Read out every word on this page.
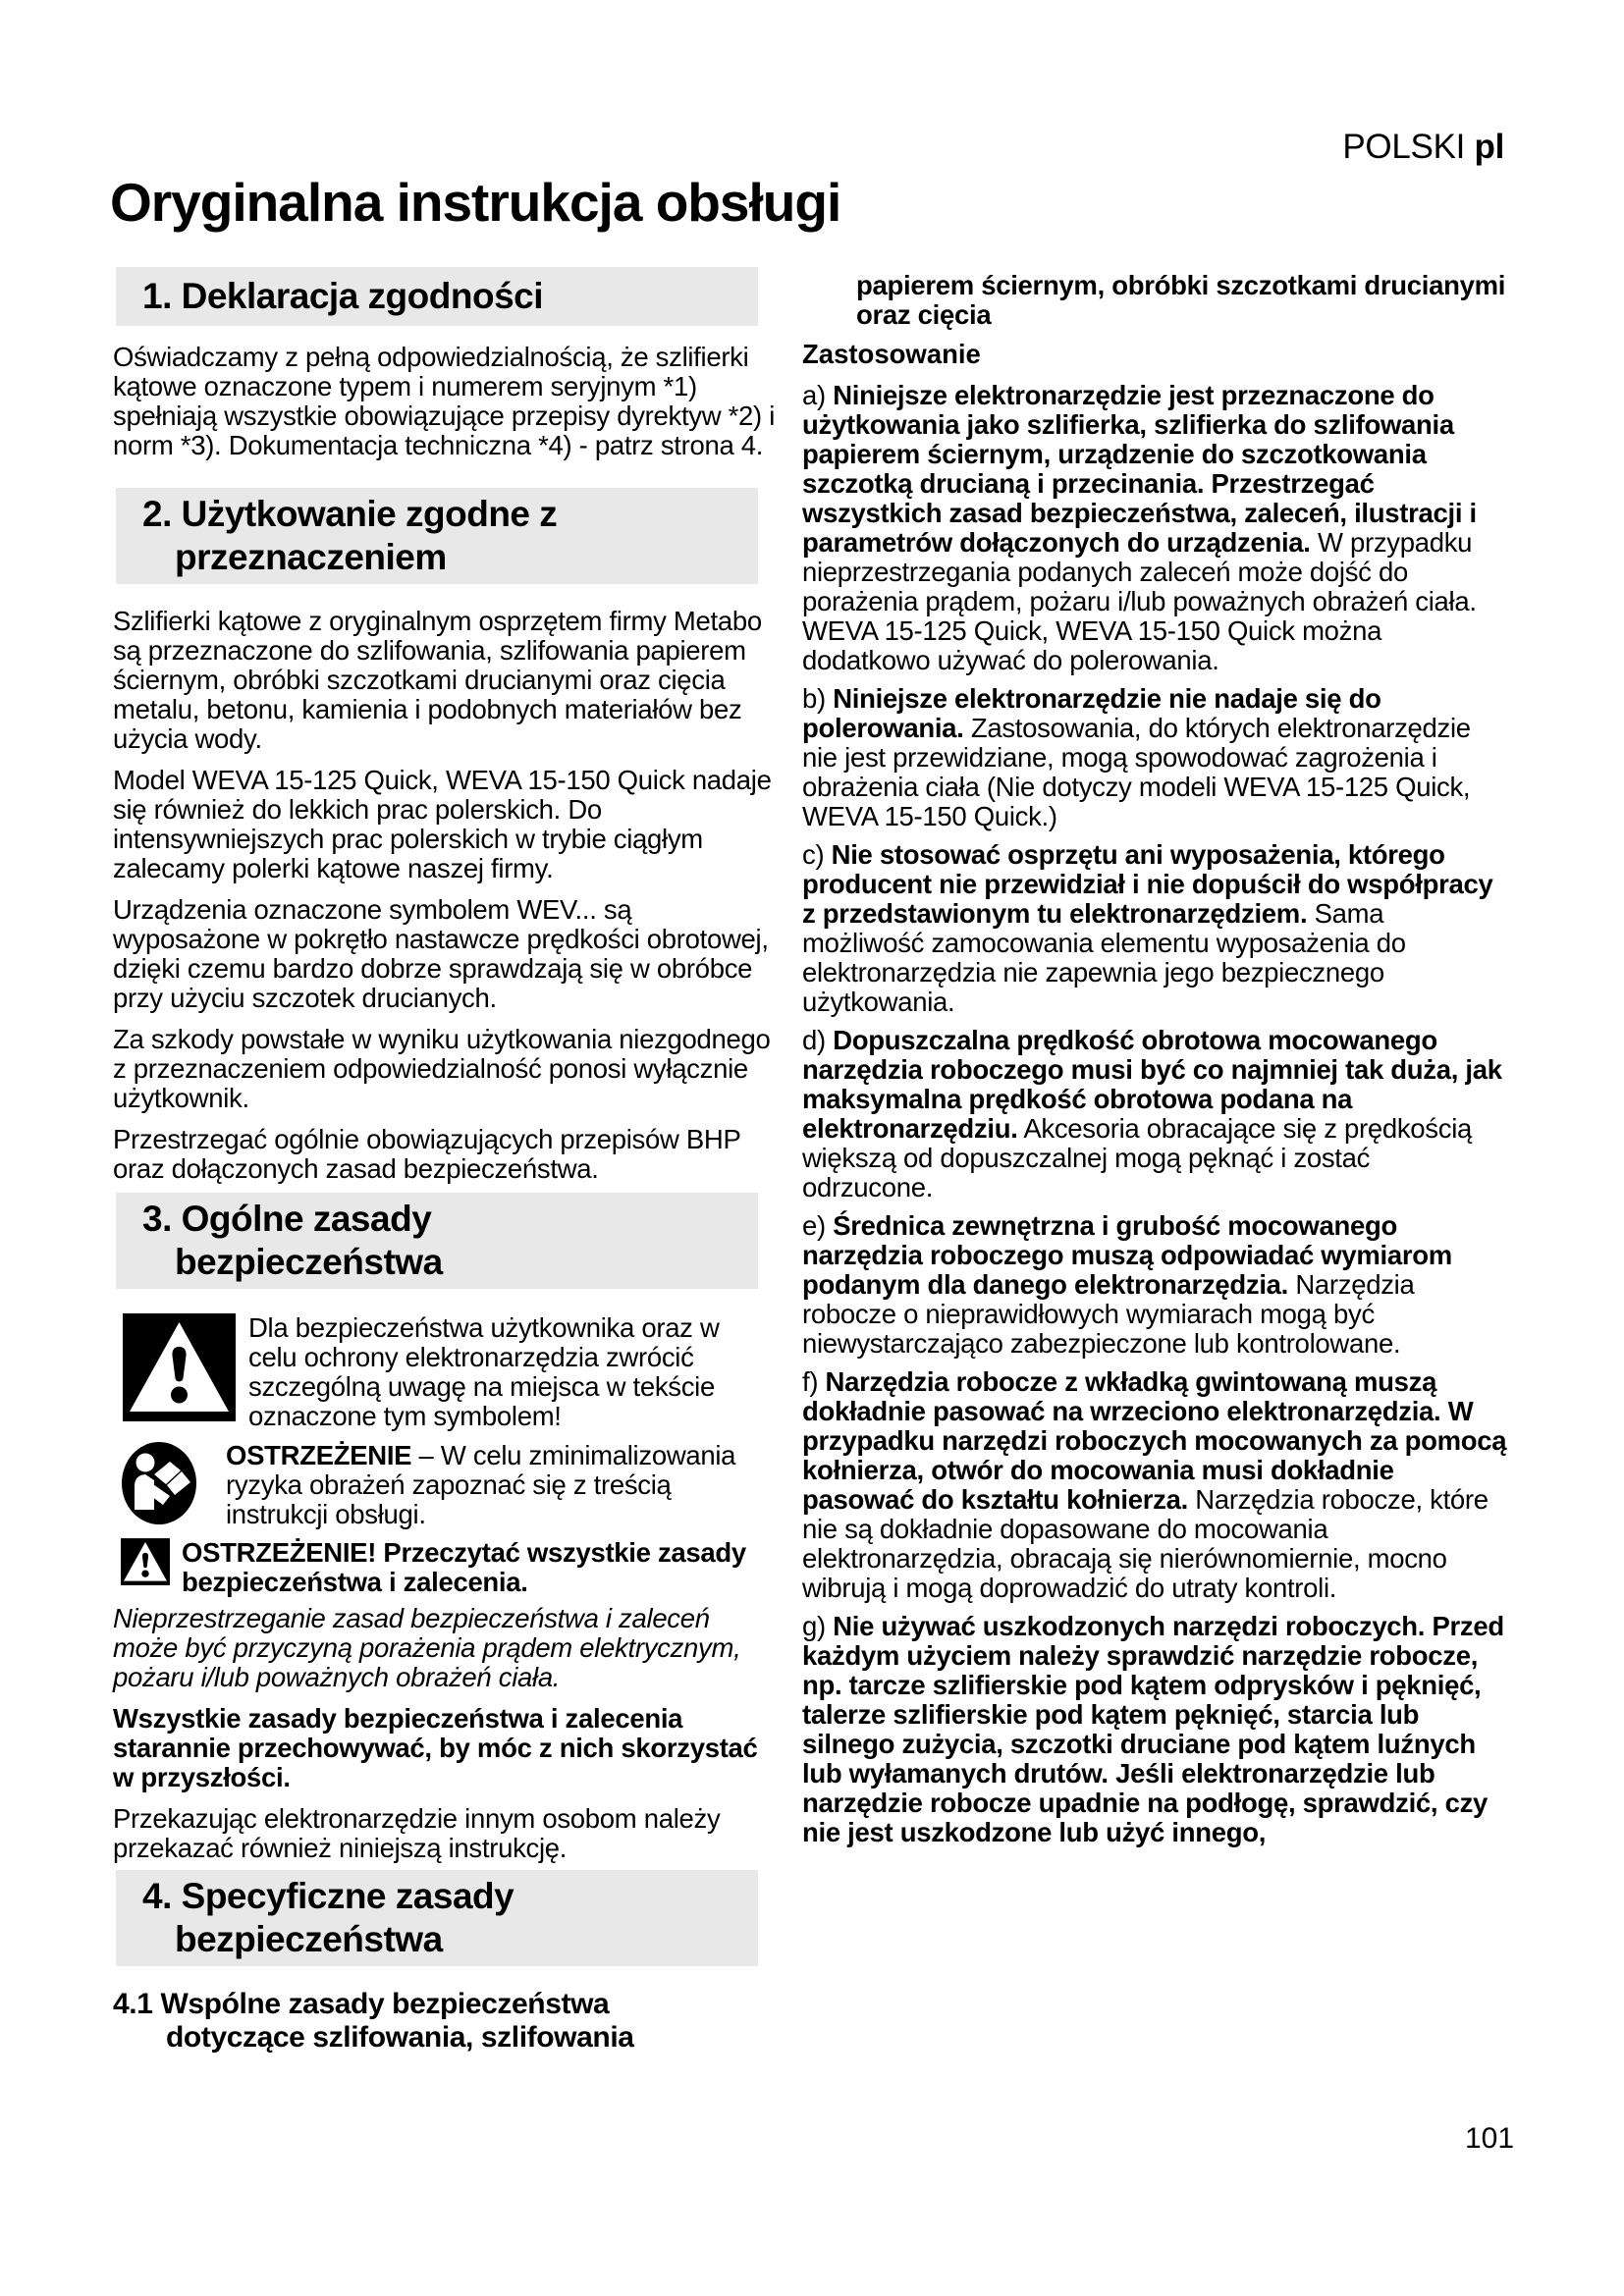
POLSKI pl
Oryginalna instrukcja obsługi
1. Deklaracja zgodności

Oświadczamy z pełną odpowiedzialnością, że szlifierki kątowe oznaczone typem i numerem seryjnym *1) spełniają wszystkie obowiązujące przepisy dyrektyw *2) i norm *3). Dokumentacja techniczna *4) - patrz strona 4.

2. Użytkowanie zgodne z
przeznaczeniem

Szlifierki kątowe z oryginalnym osprzętem firmy Metabo są przeznaczone do szlifowania, szlifowania papierem ściernym, obróbki szczotkami drucianymi oraz cięcia metalu, betonu, kamienia i podobnych materiałów bez użycia wody.

Model WEVA 15-125 Quick, WEVA 15-150 Quick nadaje się również do lekkich prac polerskich. Do intensywniejszych prac polerskich w trybie ciągłym zalecamy polerki kątowe naszej firmy.

Urządzenia oznaczone symbolem WEV... są wyposażone w pokrętło nastawcze prędkości obrotowej, dzięki czemu bardzo dobrze sprawdzają się w obróbce przy użyciu szczotek drucianych.

Za szkody powstałe w wyniku użytkowania niezgodnego z przeznaczeniem odpowiedzialność ponosi wyłącznie użytkownik.

Przestrzegać ogólnie obowiązujących przepisów BHP oraz dołączonych zasad bezpieczeństwa.

3. Ogólne zasady
bezpieczeństwa
Dla bezpieczeństwa użytkownika oraz w celu ochrony elektronarzędzia zwrócić szczególną uwagę na miejsca w tekście oznaczone tym symbolem!
OSTRZEŻENIE – W celu zminimalizowania ryzyka obrażeń zapoznać się z treścią instrukcji obsługi.
OSTRZEŻENIE! Przeczytać wszystkie zasady bezpieczeństwa i zalecenia.

Nieprzestrzeganie zasad bezpieczeństwa i zaleceń może być przyczyną porażenia prądem elektrycznym, pożaru i/lub poważnych obrażeń ciała.

Wszystkie zasady bezpieczeństwa i zalecenia starannie przechowywać, by móc z nich skorzystać w przyszłości.

Przekazując elektronarzędzie innym osobom należy przekazać również niniejszą instrukcję.

4. Specyficzne zasady
bezpieczeństwa
4.1 Wspólne zasady bezpieczeństwa
dotyczące szlifowania, szlifowania
papierem ściernym, obróbki szczotkami drucianymi oraz cięcia
Zastosowanie

a) Niniejsze elektronarzędzie jest przeznaczone do użytkowania jako szlifierka, szlifierka do szlifowania papierem ściernym, urządzenie do szczotkowania szczotką drucianą i przecinania. Przestrzegać wszystkich zasad bezpieczeństwa, zaleceń, ilustracji i parametrów dołączonych do urządzenia. W przypadku nieprzestrzegania podanych zaleceń może dojść do porażenia prądem, pożaru i/lub poważnych obrażeń ciała. WEVA 15-125 Quick, WEVA 15-150 Quick można dodatkowo używać do polerowania.

b) Niniejsze elektronarzędzie nie nadaje się do polerowania. Zastosowania, do których elektronarzędzie nie jest przewidziane, mogą spowodować zagrożenia i obrażenia ciała (Nie dotyczy modeli WEVA 15-125 Quick, WEVA 15-150 Quick.)

c) Nie stosować osprzętu ani wyposażenia, którego producent nie przewidział i nie dopuścił do współpracy z przedstawionym tu elektronarzędziem. Sama możliwość zamocowania elementu wyposażenia do elektronarzędzia nie zapewnia jego bezpiecznego użytkowania.

d) Dopuszczalna prędkość obrotowa mocowanego narzędzia roboczego musi być co najmniej tak duża, jak maksymalna prędkość obrotowa podana na elektronarzędziu. Akcesoria obracające się z prędkością większą od dopuszczalnej mogą pęknąć i zostać odrzucone.

e) Średnica zewnętrzna i grubość mocowanego narzędzia roboczego muszą odpowiadać wymiarom podanym dla danego elektronarzędzia. Narzędzia robocze o nieprawidłowych wymiarach mogą być niewystarczająco zabezpieczone lub kontrolowane.

f) Narzędzia robocze z wkładką gwintowaną muszą dokładnie pasować na wrzeciono elektronarzędzia. W przypadku narzędzi roboczych mocowanych za pomocą kołnierza, otwór do mocowania musi dokładnie pasować do kształtu kołnierza. Narzędzia robocze, które nie są dokładnie dopasowane do mocowania elektronarzędzia, obracają się nierównomiernie, mocno wibrują i mogą doprowadzić do utraty kontroli.

g) Nie używać uszkodzonych narzędzi roboczych. Przed każdym użyciem należy sprawdzić narzędzie robocze, np. tarcze szlifierskie pod kątem odprysków i pęknięć, talerze szlifierskie pod kątem pęknięć, starcia lub silnego zużycia, szczotki druciane pod kątem luźnych lub wyłamanych drutów. Jeśli elektronarzędzie lub narzędzie robocze upadnie na podłogę, sprawdzić, czy nie jest uszkodzone lub użyć innego,

101
